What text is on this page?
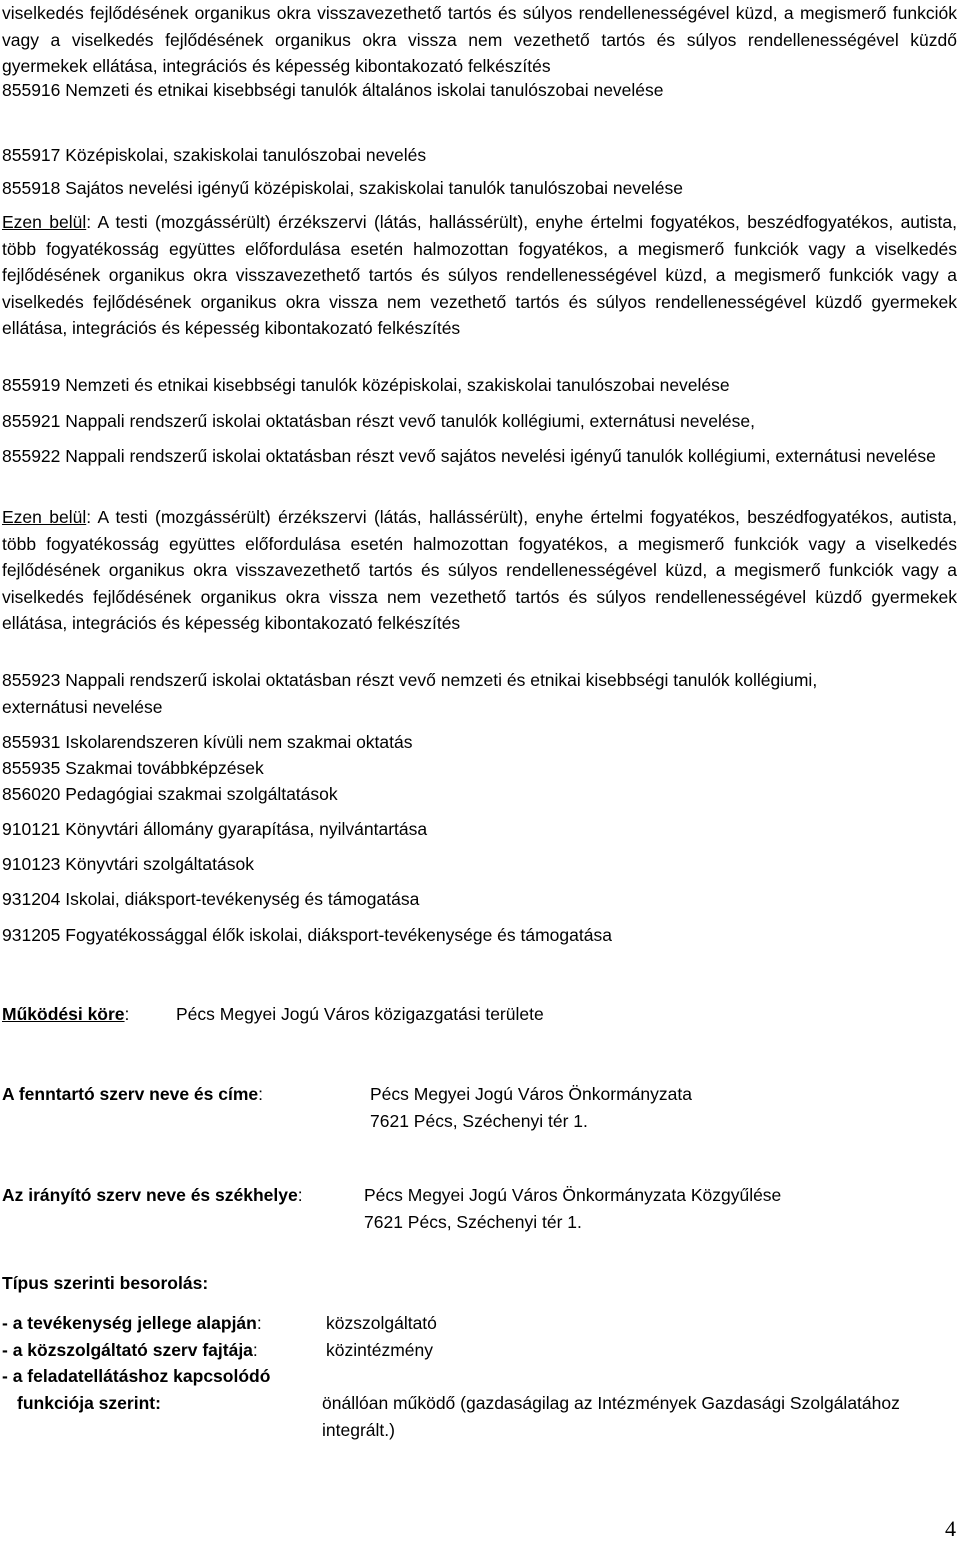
viselkedés fejlődésének organikus okra visszavezethető tartós és súlyos rendellenességével küzd, a megismerő funkciók vagy a viselkedés fejlődésének organikus okra vissza nem vezethető tartós és súlyos rendellenességével küzdő gyermekek ellátása, integrációs és képesség kibontakozató felkészítés

855916 Nemzeti és etnikai kisebbségi tanulók általános iskolai tanulószobai nevelése

855917 Középiskolai, szakiskolai tanulószobai nevelés

855918 Sajátos nevelési igényű középiskolai, szakiskolai tanulók tanulószobai nevelése

Ezen belül: A testi (mozgássérült) érzékszervi (látás, hallássérült), enyhe értelmi fogyatékos, beszédfogyatékos, autista, több fogyatékosság együttes előfordulása esetén halmozottan fogyatékos, a megismerő funkciók vagy a viselkedés fejlődésének organikus okra visszavezethető tartós és súlyos rendellenességével küzd, a megismerő funkciók vagy a viselkedés fejlődésének organikus okra vissza nem vezethető tartós és súlyos rendellenességével küzdő gyermekek ellátása, integrációs és képesség kibontakozató felkészítés

855919 Nemzeti és etnikai kisebbségi tanulók középiskolai, szakiskolai tanulószobai nevelése

855921 Nappali rendszerű iskolai oktatásban részt vevő tanulók kollégiumi, externátusi nevelése,

855922 Nappali rendszerű iskolai oktatásban részt vevő sajátos nevelési igényű tanulók kollégiumi, externátusi nevelése

Ezen belül: A testi (mozgássérült) érzékszervi (látás, hallássérült), enyhe értelmi fogyatékos, beszédfogyatékos, autista, több fogyatékosság együttes előfordulása esetén halmozottan fogyatékos, a megismerő funkciók vagy a viselkedés fejlődésének organikus okra visszavezethető tartós és súlyos rendellenességével küzd, a megismerő funkciók vagy a viselkedés fejlődésének organikus okra vissza nem vezethető tartós és súlyos rendellenességével küzdő gyermekek ellátása, integrációs és képesség kibontakozató felkészítés

855923 Nappali rendszerű iskolai oktatásban részt vevő nemzeti és etnikai kisebbségi tanulók kollégiumi, externátusi nevelése

855931 Iskolarendszeren kívüli nem szakmai oktatás

855935 Szakmai továbbképzések

856020 Pedagógiai szakmai szolgáltatások

910121 Könyvtári állomány gyarapítása, nyilvántartása

910123 Könyvtári szolgáltatások

931204 Iskolai, diáksport-tevékenység és támogatása

931205 Fogyatékossággal élők iskolai, diáksport-tevékenysége és támogatása

Működési köre:	Pécs Megyei Jogú Város közigazgatási területe

A fenntartó szerv neve és címe:	Pécs Megyei Jogú Város Önkormányzata

7621 Pécs, Széchenyi tér 1.

Az irányító szerv neve és székhelye:	Pécs Megyei Jogú Város Önkormányzata Közgyűlése

7621 Pécs, Széchenyi tér 1.

Típus szerinti besorolás:

- a tevékenység jellege alapján:	közszolgáltató

- a közszolgáltató szerv fajtája:	közintézmény

- a feladatellátáshoz kapcsolódó

funkciója szerint:	önállóan működő (gazdaságilag az Intézmények Gazdasági Szolgálatához

integrált.)

4
